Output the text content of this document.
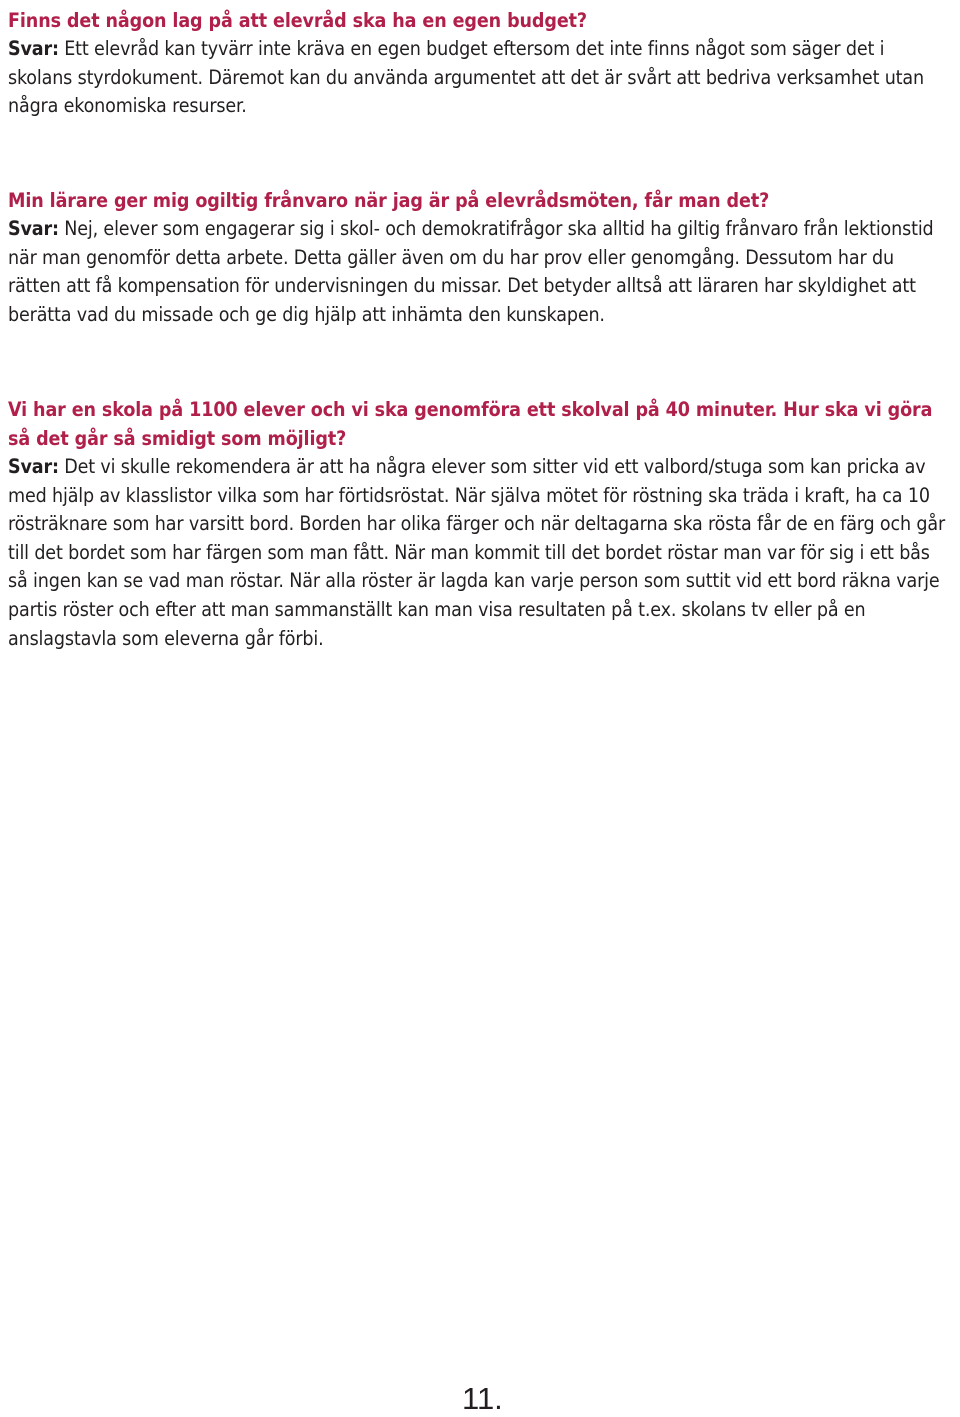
Finns det någon lag på att elevråd ska ha en egen budget?

Svar: Ett elevråd kan tyvärr inte kräva en egen budget eftersom det inte finns något som säger det i skolans styrdokument. Däremot kan du använda argumentet att det är svårt att bedriva verksamhet utan några ekonomiska resurser.

Min lärare ger mig ogiltig frånvaro när jag är på elevrådsmöten, får man det?

Svar: Nej, elever som engagerar sig i skol- och demokratifrågor ska alltid ha giltig frånvaro från lektionstid när man genomför detta arbete. Detta gäller även om du har prov eller genomgång. Dessutom har du rätten att få kompensation för undervisningen du missar. Det betyder alltså att läraren har skyldighet att berätta vad du missade och ge dig hjälp att inhämta den kunskapen.

Vi har en skola på 1100 elever och vi ska genomföra ett skolval på 40 minuter. Hur ska vi göra så det går så smidigt som möjligt?

Svar: Det vi skulle rekomendera är att ha några elever som sitter vid ett valbord/stuga som kan pricka av med hjälp av klasslistor vilka som har förtidsröstat. När själva mötet för röstning ska träda i kraft, ha ca 10 rösträknare som har varsitt bord. Borden har olika färger och när deltagarna ska rösta får de en färg och går till det bordet som har färgen som man fått. När man kommit till det bordet röstar man var för sig i ett bås så ingen kan se vad man röstar. När alla röster är lagda kan varje person som suttit vid ett bord räkna varje partis röster och efter att man sammanställt kan man visa resultaten på t.ex. skolans tv eller på en anslagstavla som eleverna går förbi.

11.
